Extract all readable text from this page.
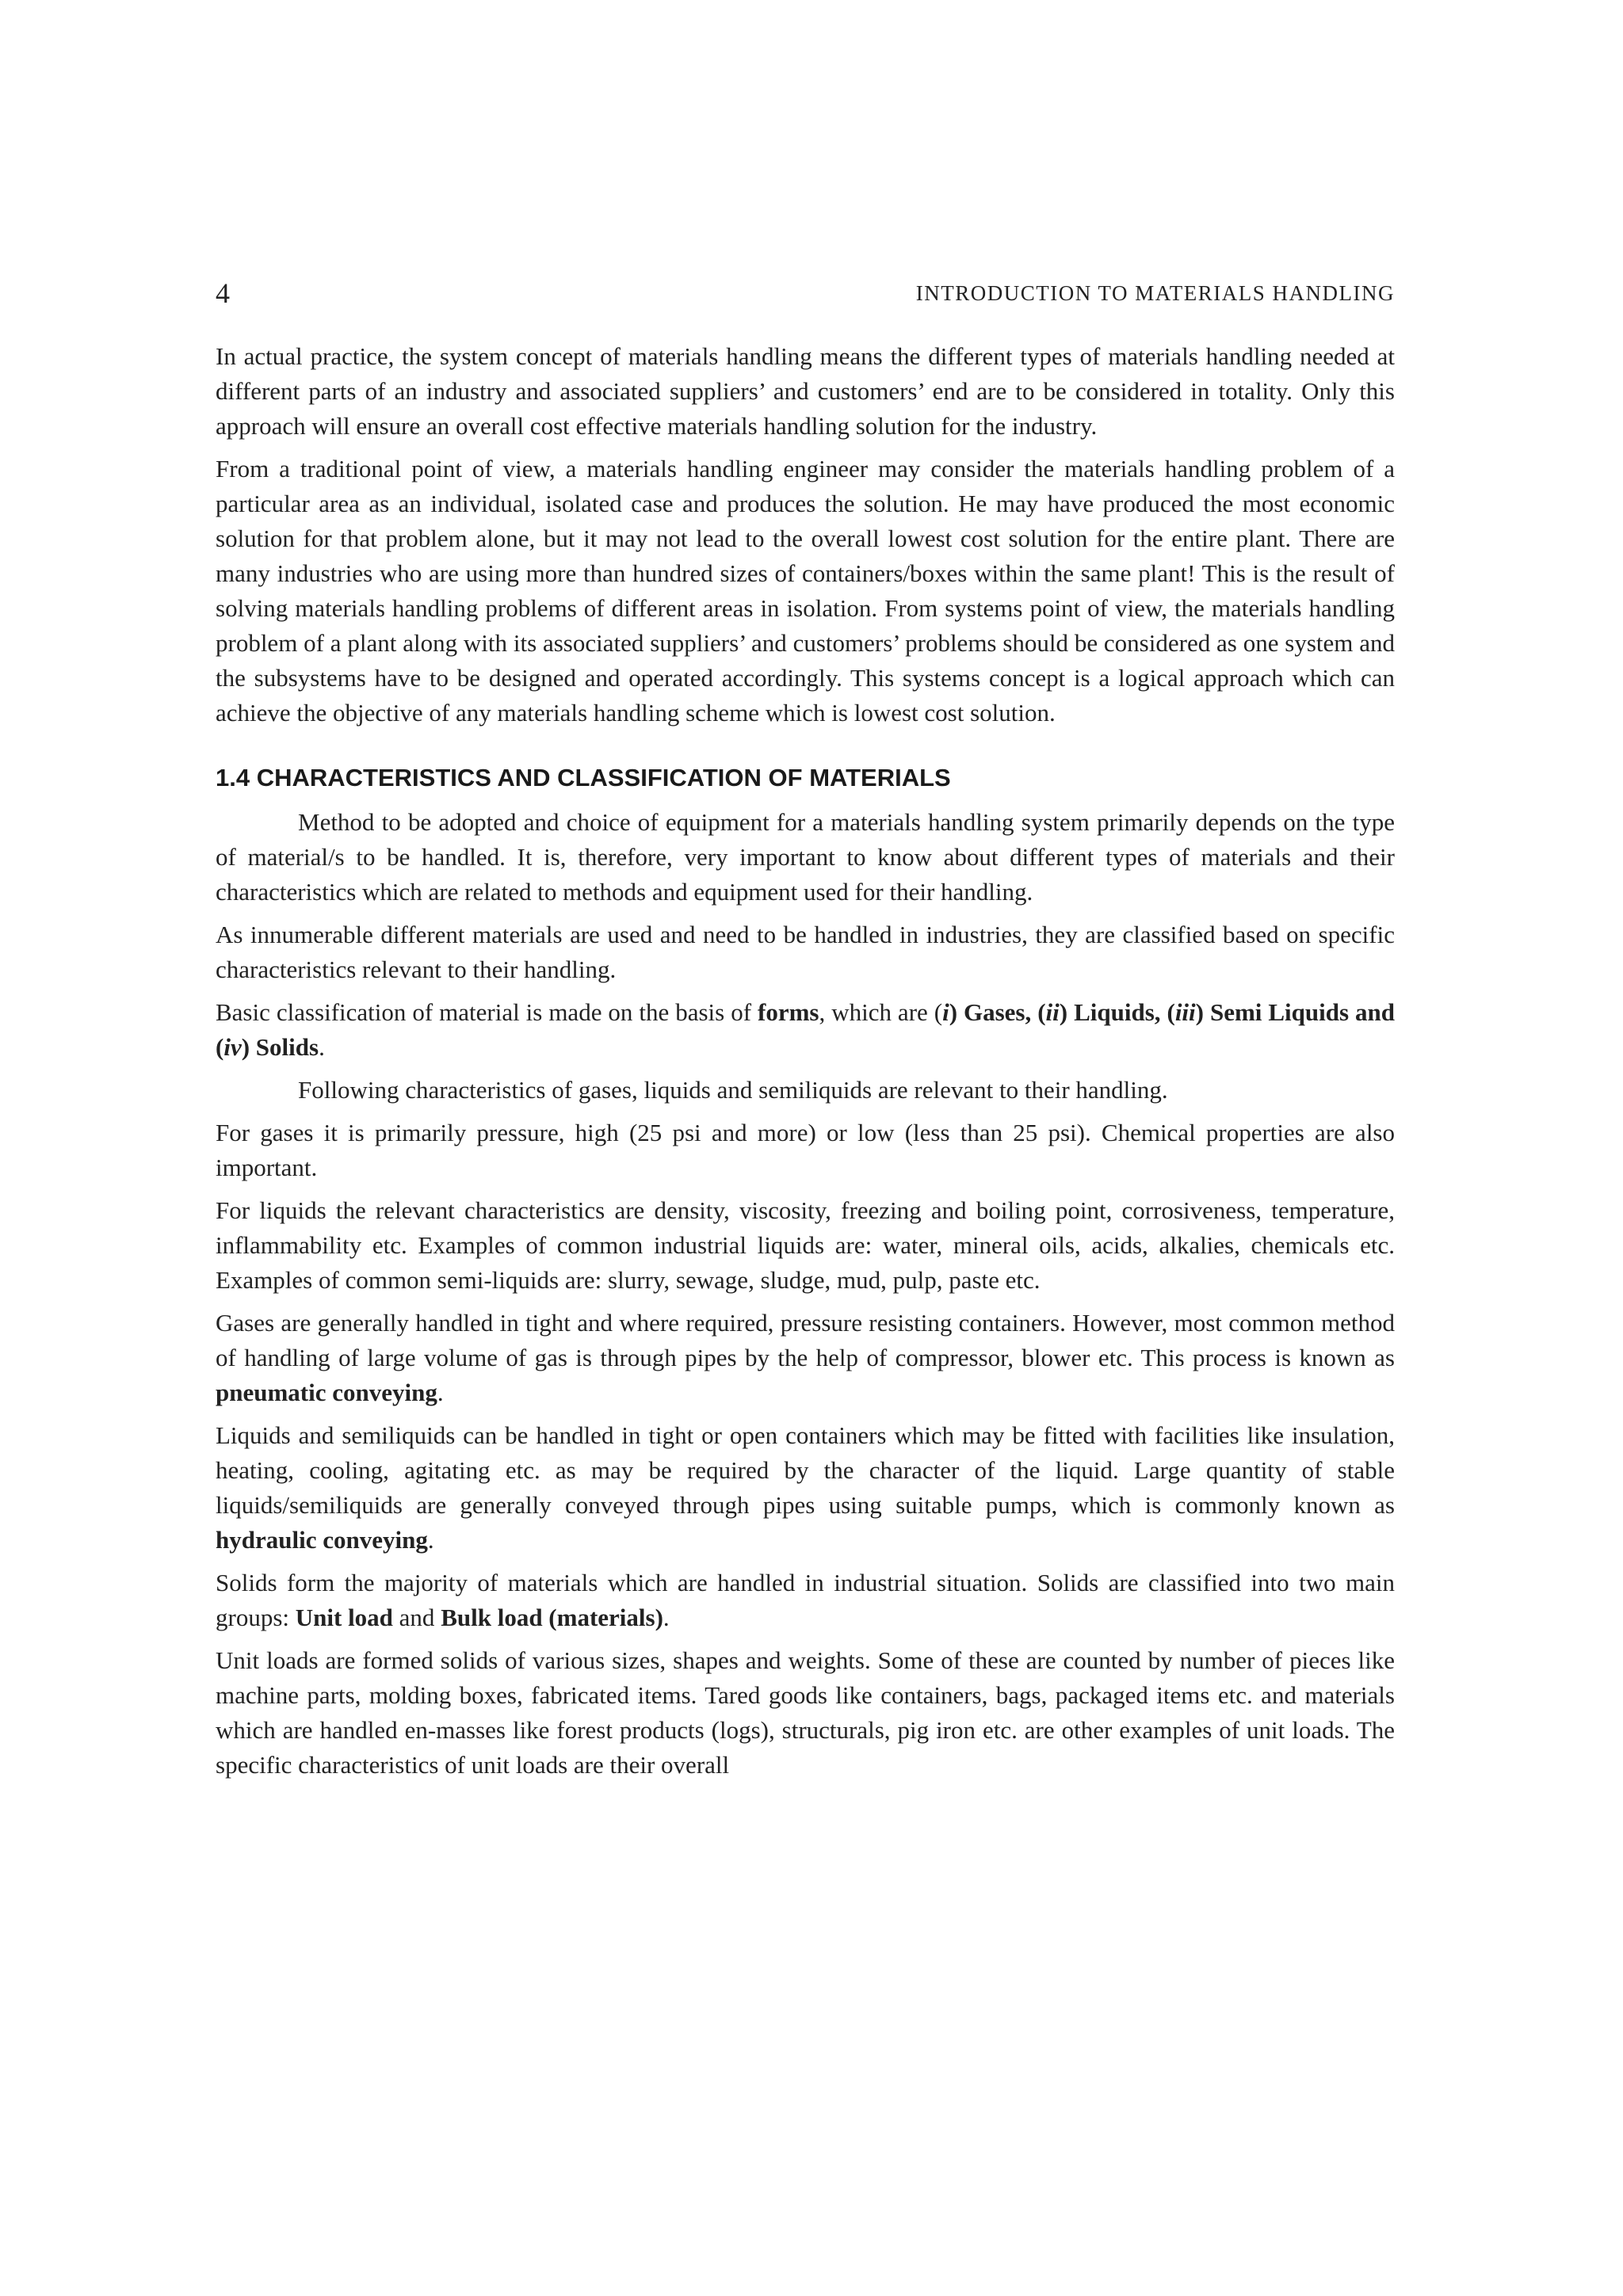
4	INTRODUCTION TO MATERIALS HANDLING

In actual practice, the system concept of materials handling means the different types of materials handling needed at different parts of an industry and associated suppliers’ and customers’ end are to be considered in totality. Only this approach will ensure an overall cost effective materials handling solution for the industry.

From a traditional point of view, a materials handling engineer may consider the materials handling problem of a particular area as an individual, isolated case and produces the solution. He may have produced the most economic solution for that problem alone, but it may not lead to the overall lowest cost solution for the entire plant. There are many industries who are using more than hundred sizes of containers/boxes within the same plant! This is the result of solving materials handling problems of different areas in isolation. From systems point of view, the materials handling problem of a plant along with its associated suppliers’ and customers’ problems should be considered as one system and the subsystems have to be designed and operated accordingly. This systems concept is a logical approach which can achieve the objective of any materials handling scheme which is lowest cost solution.

1.4 CHARACTERISTICS AND CLASSIFICATION OF MATERIALS

Method to be adopted and choice of equipment for a materials handling system primarily depends on the type of material/s to be handled. It is, therefore, very important to know about different types of materials and their characteristics which are related to methods and equipment used for their handling.

As innumerable different materials are used and need to be handled in industries, they are classified based on specific characteristics relevant to their handling.

Basic classification of material is made on the basis of forms, which are (i) Gases, (ii) Liquids, (iii) Semi Liquids and (iv) Solids.

Following characteristics of gases, liquids and semiliquids are relevant to their handling.

For gases it is primarily pressure, high (25 psi and more) or low (less than 25 psi). Chemical properties are also important.

For liquids the relevant characteristics are density, viscosity, freezing and boiling point, corrosiveness, temperature, inflammability etc. Examples of common industrial liquids are: water, mineral oils, acids, alkalies, chemicals etc. Examples of common semi-liquids are: slurry, sewage, sludge, mud, pulp, paste etc.

Gases are generally handled in tight and where required, pressure resisting containers. However, most common method of handling of large volume of gas is through pipes by the help of compressor, blower etc. This process is known as pneumatic conveying.

Liquids and semiliquids can be handled in tight or open containers which may be fitted with facilities like insulation, heating, cooling, agitating etc. as may be required by the character of the liquid. Large quantity of stable liquids/semiliquids are generally conveyed through pipes using suitable pumps, which is commonly known as hydraulic conveying.

Solids form the majority of materials which are handled in industrial situation. Solids are classified into two main groups: Unit load and Bulk load (materials).

Unit loads are formed solids of various sizes, shapes and weights. Some of these are counted by number of pieces like machine parts, molding boxes, fabricated items. Tared goods like containers, bags, packaged items etc. and materials which are handled en-masses like forest products (logs), structurals, pig iron etc. are other examples of unit loads. The specific characteristics of unit loads are their overall
